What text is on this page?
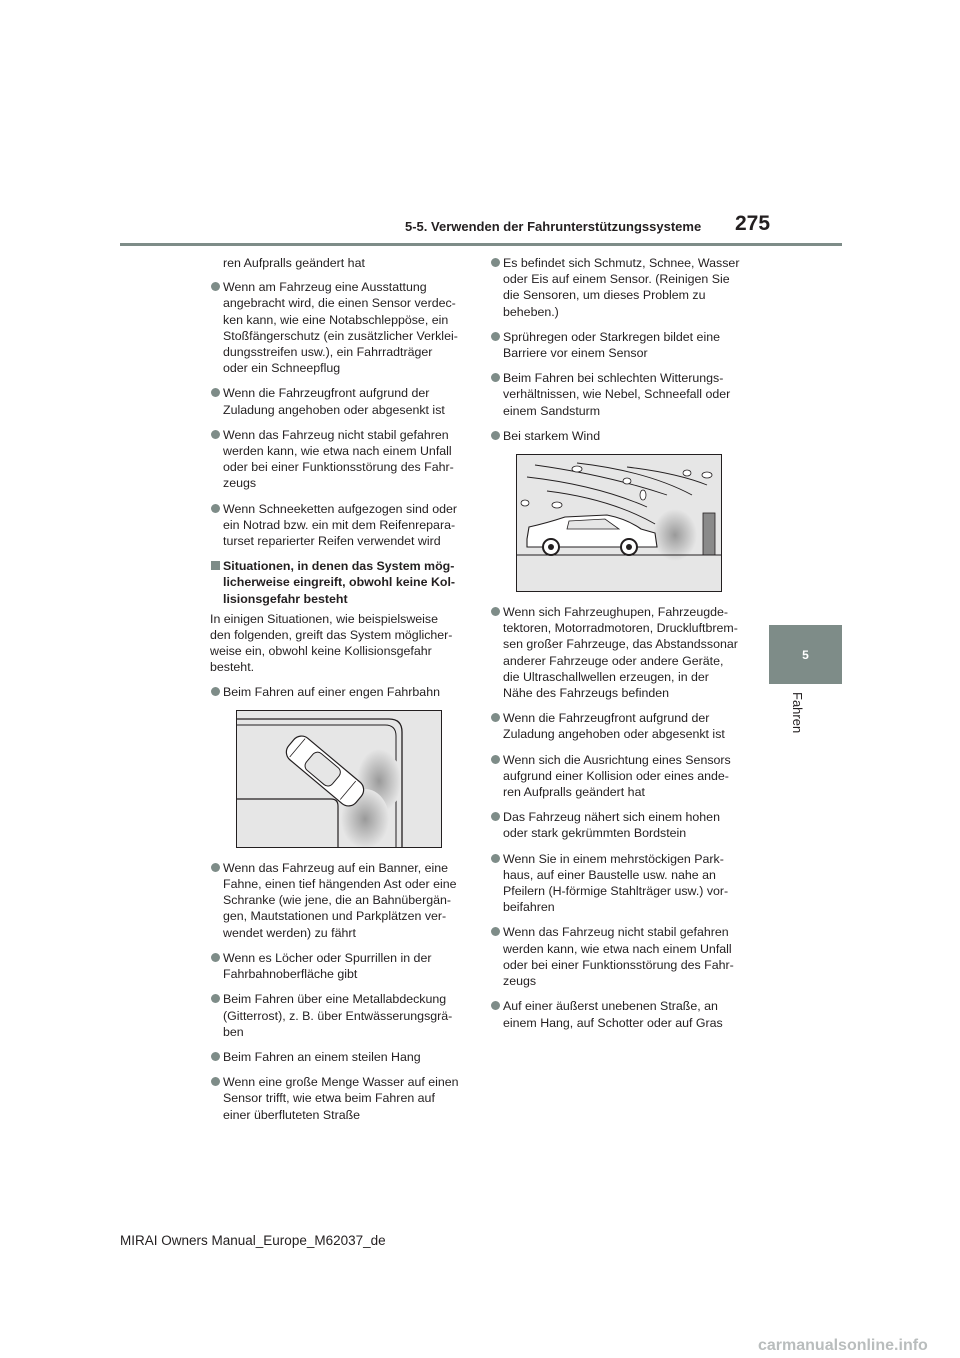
5-5. Verwenden der Fahrunterstützungssysteme 275
5
Fahren

ren Aufpralls geändert hat

Wenn am Fahrzeug eine Ausstattung
angebracht wird, die einen Sensor verdec-
ken kann, wie eine Notabschleppöse, ein
Stoßfängerschutz (ein zusätzlicher Verklei-
dungsstreifen usw.), ein Fahrradträger
oder ein Schneepflug

Wenn die Fahrzeugfront aufgrund der
Zuladung angehoben oder abgesenkt ist

Wenn das Fahrzeug nicht stabil gefahren
werden kann, wie etwa nach einem Unfall
oder bei einer Funktionsstörung des Fahr-
zeugs

Wenn Schneeketten aufgezogen sind oder
ein Notrad bzw. ein mit dem Reifenrepara-
turset reparierter Reifen verwendet wird

Situationen, in denen das System mög-
licherweise eingreift, obwohl keine Kol-
lisionsgefahr besteht

In einigen Situationen, wie beispielsweise
den folgenden, greift das System möglicher-
weise ein, obwohl keine Kollisionsgefahr
besteht.

Beim Fahren auf einer engen Fahrbahn

Wenn das Fahrzeug auf ein Banner, eine
Fahne, einen tief hängenden Ast oder eine
Schranke (wie jene, die an Bahnübergän-
gen, Mautstationen und Parkplätzen ver-
wendet werden) zu fährt

Wenn es Löcher oder Spurrillen in der
Fahrbahnoberfläche gibt

Beim Fahren über eine Metallabdeckung
(Gitterrost), z. B. über Entwässerungsgrä-
ben

Beim Fahren an einem steilen Hang

Wenn eine große Menge Wasser auf einen
Sensor trifft, wie etwa beim Fahren auf
einer überfluteten Straße

Es befindet sich Schmutz, Schnee, Wasser
oder Eis auf einem Sensor. (Reinigen Sie
die Sensoren, um dieses Problem zu
beheben.)

Sprühregen oder Starkregen bildet eine
Barriere vor einem Sensor

Beim Fahren bei schlechten Witterungs-
verhältnissen, wie Nebel, Schneefall oder
einem Sandsturm

Bei starkem Wind

Wenn sich Fahrzeughupen, Fahrzeugde-
tektoren, Motorradmotoren, Druckluftbrem-
sen großer Fahrzeuge, das Abstandssonar
anderer Fahrzeuge oder andere Geräte,
die Ultraschallwellen erzeugen, in der
Nähe des Fahrzeugs befinden

Wenn die Fahrzeugfront aufgrund der
Zuladung angehoben oder abgesenkt ist

Wenn sich die Ausrichtung eines Sensors
aufgrund einer Kollision oder eines ande-
ren Aufpralls geändert hat

Das Fahrzeug nähert sich einem hohen
oder stark gekrümmten Bordstein

Wenn Sie in einem mehrstöckigen Park-
haus, auf einer Baustelle usw. nahe an
Pfeilern (H-förmige Stahlträger usw.) vor-
beifahren

Wenn das Fahrzeug nicht stabil gefahren
werden kann, wie etwa nach einem Unfall
oder bei einer Funktionsstörung des Fahr-
zeugs

Auf einer äußerst unebenen Straße, an
einem Hang, auf Schotter oder auf Gras

MIRAI Owners Manual_Europe_M62037_de
carmanualsonline.info
